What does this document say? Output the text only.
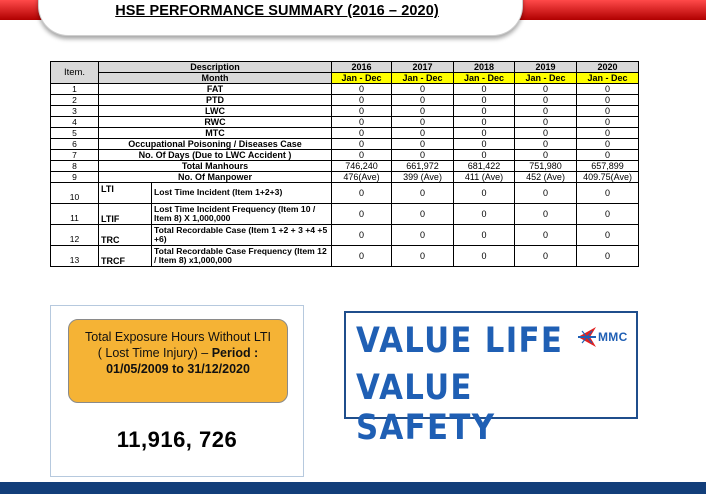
HSE PERFORMANCE SUMMARY (2016 – 2020)
Item.	Description		2016	2017	2018	2019	2020
	Month		Jan - Dec	Jan - Dec	Jan - Dec	Jan - Dec	Jan - Dec
1	FAT		0	0	0	0	0
2	PTD		0	0	0	0	0
3	LWC		0	0	0	0	0
4	RWC		0	0	0	0	0
5	MTC		0	0	0	0	0
6	Occupational Poisoning / Diseases Case		0	0	0	0	0
7	No. Of Days (Due to LWC Accident )		0	0	0	0	0
8	Total Manhours		746,240	661,972	681,422	751,980	657,899
9	No. Of Manpower		476(Ave)	399 (Ave)	411 (Ave)	452 (Ave)	409.75(Ave)
10	LTI	Lost Time Incident (Item 1+2+3)	0	0	0	0	0
11	LTIF	Lost Time Incident Frequency (Item 10 / Item 8) X 1,000,000	0	0	0	0	0
12	TRC	Total Recordable Case (Item 1 +2 + 3 +4 +5 +6)	0	0	0	0	0
13	TRCF	Total Recordable Case Frequency (Item 12 / Item 8) x1,000,000	0	0	0	0	0
Total Exposure Hours Without LTI
( Lost Time Injury) – Period :
01/05/2009 to 31/12/2020
11,916, 726
VALUE LIFE
VALUE SAFETY
MMC
